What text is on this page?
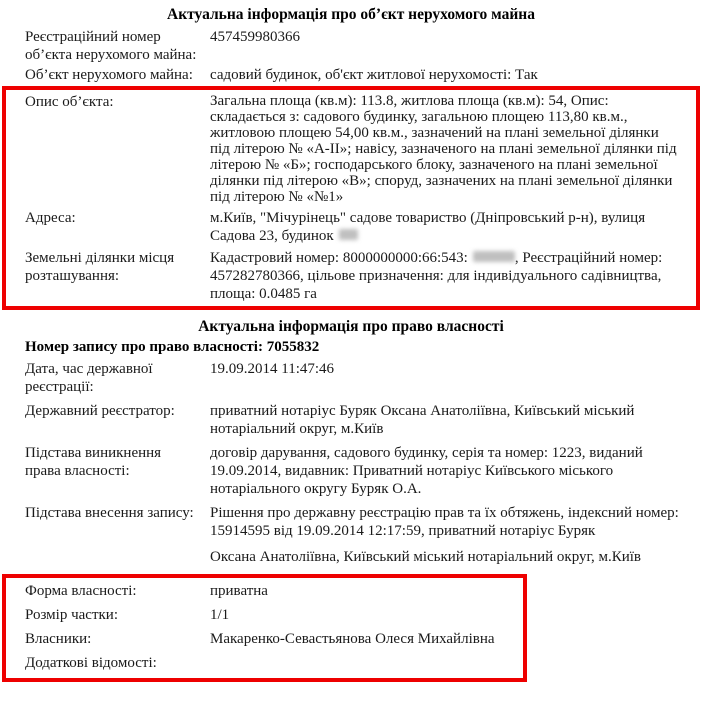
Актуальна інформація про об’єкт нерухомого майна
Реєстраційний номер об’єкта нерухомого майна:
457459980366
Об’єкт нерухомого майна:	садовий будинок, об'єкт житлової нерухомості: Так
Опис об’єкта:	Загальна площа (кв.м): 113.8, житлова площа (кв.м): 54, Опис: складається з: садового будинку, загальною площею 113,80 кв.м., житловою площею 54,00 кв.м., зазначений на плані земельної ділянки під літерою № «А-II»; навісу, зазначеного на плані земельної ділянки під літерою № «Б»; господарського блоку, зазначеного на плані земельної ділянки під літерою «В»; споруд, зазначених на плані земельної ділянки під літерою № «№1»
Адреса:	м.Київ, "Мічурінець" садове товариство (Дніпровський р-н), вулиця Садова 23, будинок
Земельні ділянки місця розташування:
Кадастровий номер: 8000000000:66:543:	, Реєстраційний номер: 457282780366, цільове призначення: для індивідуального садівництва, площа: 0.0485 га
Актуальна інформація про право власності
Номер запису про право власності: 7055832
Дата, час державної реєстрації:
19.09.2014 11:47:46
Державний реєстратор:	приватний нотаріус Буряк Оксана Анатоліївна, Київський міський нотаріальний округ, м.Київ
Підстава виникнення права власності:
договір дарування, садового будинку, серія та номер: 1223, виданий 19.09.2014, видавник: Приватний нотаріус Київського міського нотаріального округу Буряк О.А.
Підстава внесення запису:	Рішення про державну реєстрацію прав та їх обтяжень, індексний номер: 15914595 від 19.09.2014 12:17:59, приватний нотаріус Буряк
Оксана Анатоліївна, Київський міський нотаріальний округ, м.Київ
Форма власності:	приватна
Розмір частки:	1/1
Власники:	Макаренко-Севастьянова Олеся Михайлівна
Додаткові відомості:
